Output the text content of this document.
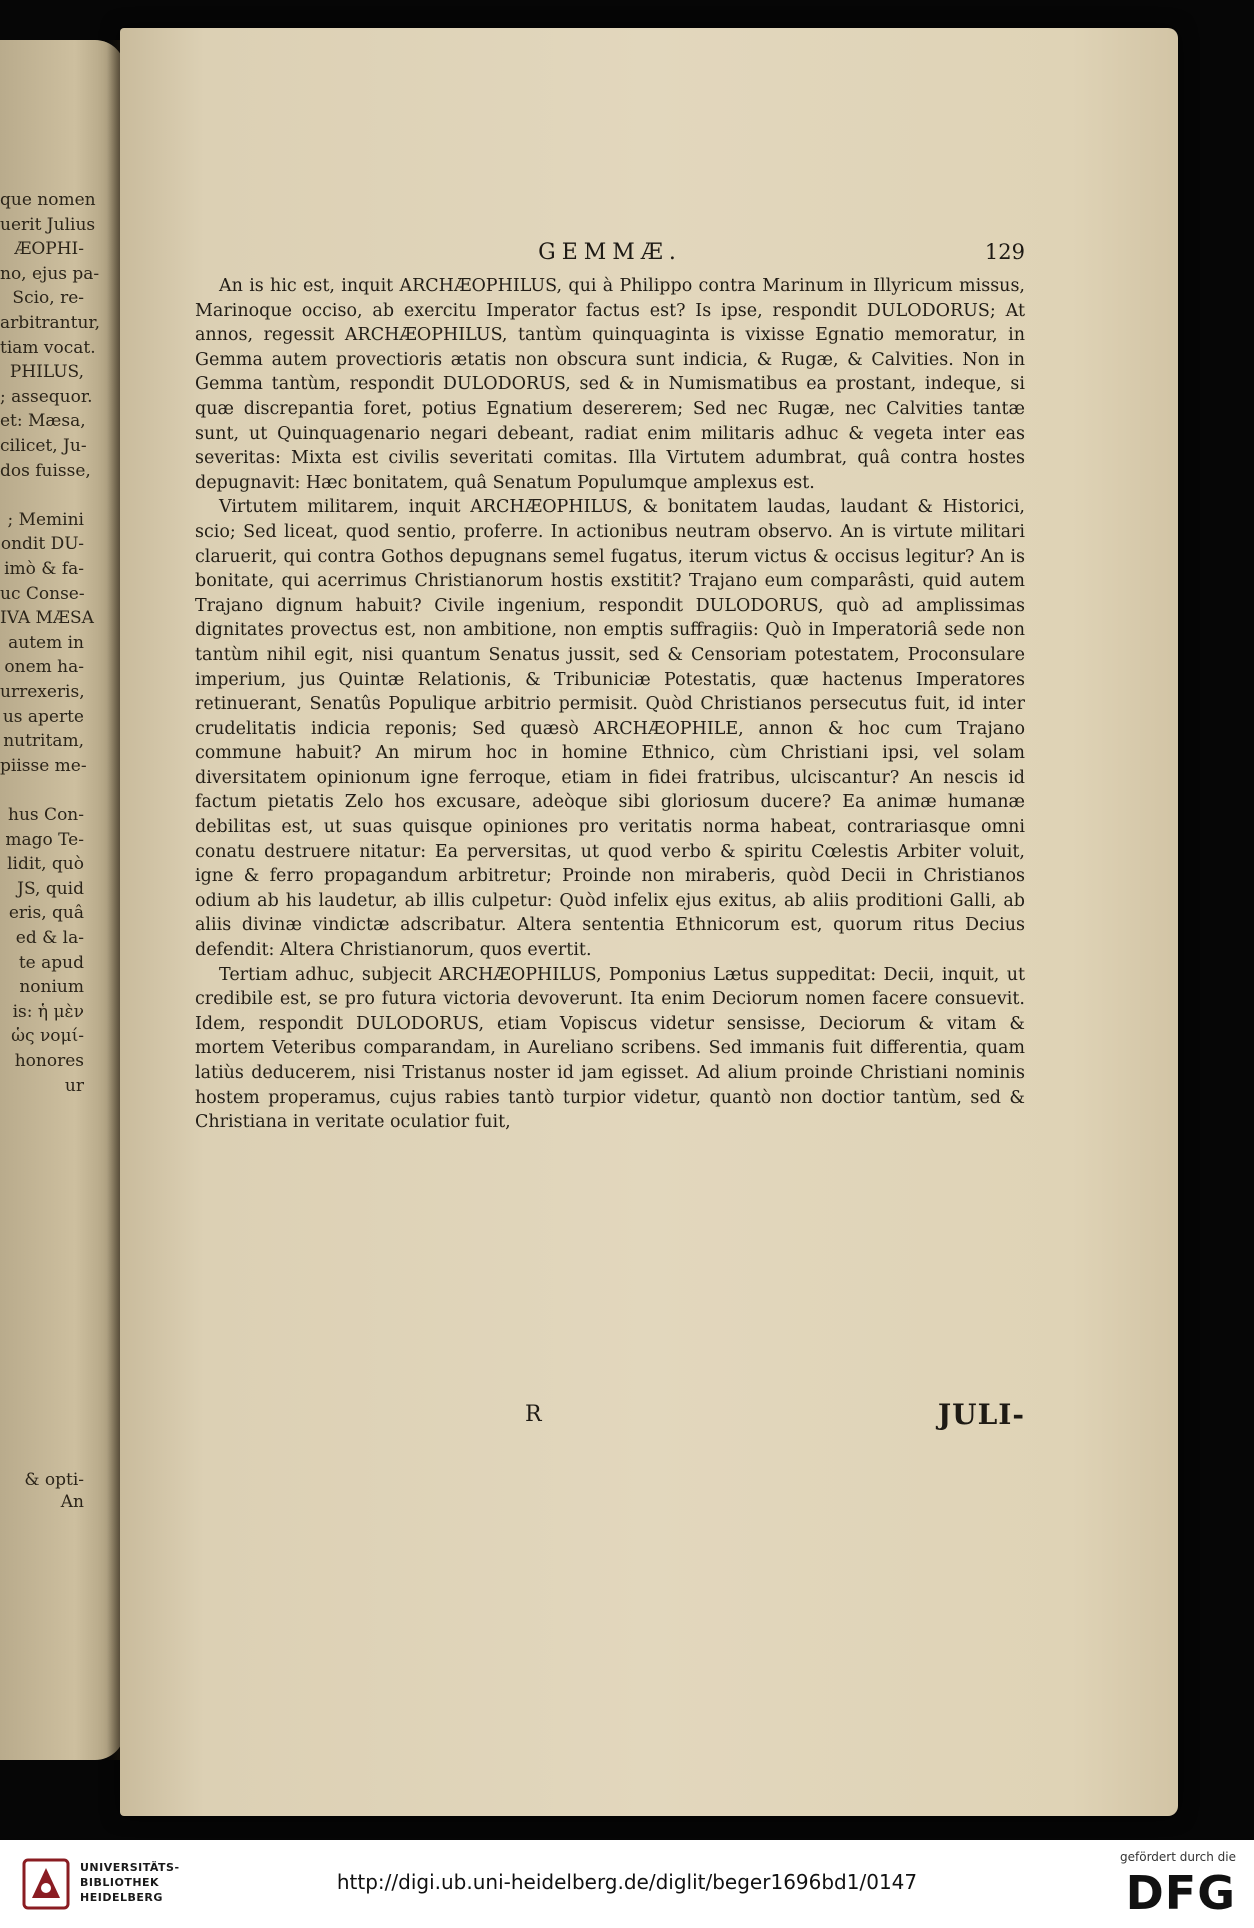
que nomen
uerit Julius
ÆOPHI-
no, ejus pa-
Scio, re-
arbitrantur,
tiam vocat.
PHILUS,
; assequor.
et: Mæsa,
cilicet, Ju-
dos fuisse,
; Memini
ondit DU-
imò & fa-
uc Conse-
IVA MÆSA
autem in
onem ha-
urrexeris,
us aperte
nutritam,
piisse me-
hus Con-
mago Te-
lidit, quò
JS, quid
eris, quâ
ed & la-
te apud
nonium
is: ἡ μὲν
ὡς νομί-
honores
ur
& opti-
An
GEMMÆ.	129

An is hic est, inquit ARCHÆOPHILUS, qui à Philippo contra Marinum in Illyricum missus, Marinoque occiso, ab exercitu Imperator factus est? Is ipse, respondit DULODORUS; At annos, regessit ARCHÆOPHILUS, tantùm quinquaginta is vixisse Egnatio memoratur, in Gemma autem provectioris ætatis non obscura sunt indicia, & Rugæ, & Calvities. Non in Gemma tantùm, respondit DULODORUS, sed & in Numismatibus ea prostant, indeque, si quæ discrepantia foret, potius Egnatium desererem; Sed nec Rugæ, nec Calvities tantæ sunt, ut Quinquagenario negari debeant, radiat enim militaris adhuc & vegeta inter eas severitas: Mixta est civilis severitati comitas. Illa Virtutem adumbrat, quâ contra hostes depugnavit: Hæc bonitatem, quâ Senatum Populumque amplexus est.

Virtutem militarem, inquit ARCHÆOPHILUS, & bonitatem laudas, laudant & Historici, scio; Sed liceat, quod sentio, proferre. In actionibus neutram observo. An is virtute militari claruerit, qui contra Gothos depugnans semel fugatus, iterum victus & occisus legitur? An is bonitate, qui acerrimus Christianorum hostis exstitit? Trajano eum comparâsti, quid autem Trajano dignum habuit? Civile ingenium, respondit DULODORUS, quò ad amplissimas dignitates provectus est, non ambitione, non emptis suffragiis: Quò in Imperatoriâ sede non tantùm nihil egit, nisi quantum Senatus jussit, sed & Censoriam potestatem, Proconsulare imperium, jus Quintæ Relationis, & Tribuniciæ Potestatis, quæ hactenus Imperatores retinuerant, Senatûs Populique arbitrio permisit. Quòd Christianos persecutus fuit, id inter crudelitatis indicia reponis; Sed quæsò ARCHÆOPHILE, annon & hoc cum Trajano commune habuit? An mirum hoc in homine Ethnico, cùm Christiani ipsi, vel solam diversitatem opinionum igne ferroque, etiam in fidei fratribus, ulciscantur? An nescis id factum pietatis Zelo hos excusare, adeòque sibi gloriosum ducere? Ea animæ humanæ debilitas est, ut suas quisque opiniones pro veritatis norma habeat, contrariasque omni conatu destruere nitatur: Ea perversitas, ut quod verbo & spiritu Cœlestis Arbiter voluit, igne & ferro propagandum arbitretur; Proinde non miraberis, quòd Decii in Christianos odium ab his laudetur, ab illis culpetur: Quòd infelix ejus exitus, ab aliis proditioni Galli, ab aliis divinæ vindictæ adscribatur. Altera sententia Ethnicorum est, quorum ritus Decius defendit: Altera Christianorum, quos evertit.

Tertiam adhuc, subjecit ARCHÆOPHILUS, Pomponius Lætus suppeditat: Decii, inquit, ut credibile est, se pro futura victoria devoverunt. Ita enim Deciorum nomen facere consuevit. Idem, respondit DULODORUS, etiam Vopiscus videtur sensisse, Deciorum & vitam & mortem Veteribus comparandam, in Aureliano scribens. Sed immanis fuit differentia, quam latiùs deducerem, nisi Tristanus noster id jam egisset. Ad alium proinde Christiani nominis hostem properamus, cujus rabies tantò turpior videtur, quantò non doctior tantùm, sed & Christiana in veritate oculatior fuit,

R	JULI-
UNIVERSITÄTS-
BIBLIOTHEK
HEIDELBERG
http://digi.ub.uni-heidelberg.de/diglit/beger1696bd1/0147
gefördert durch die
DFG
